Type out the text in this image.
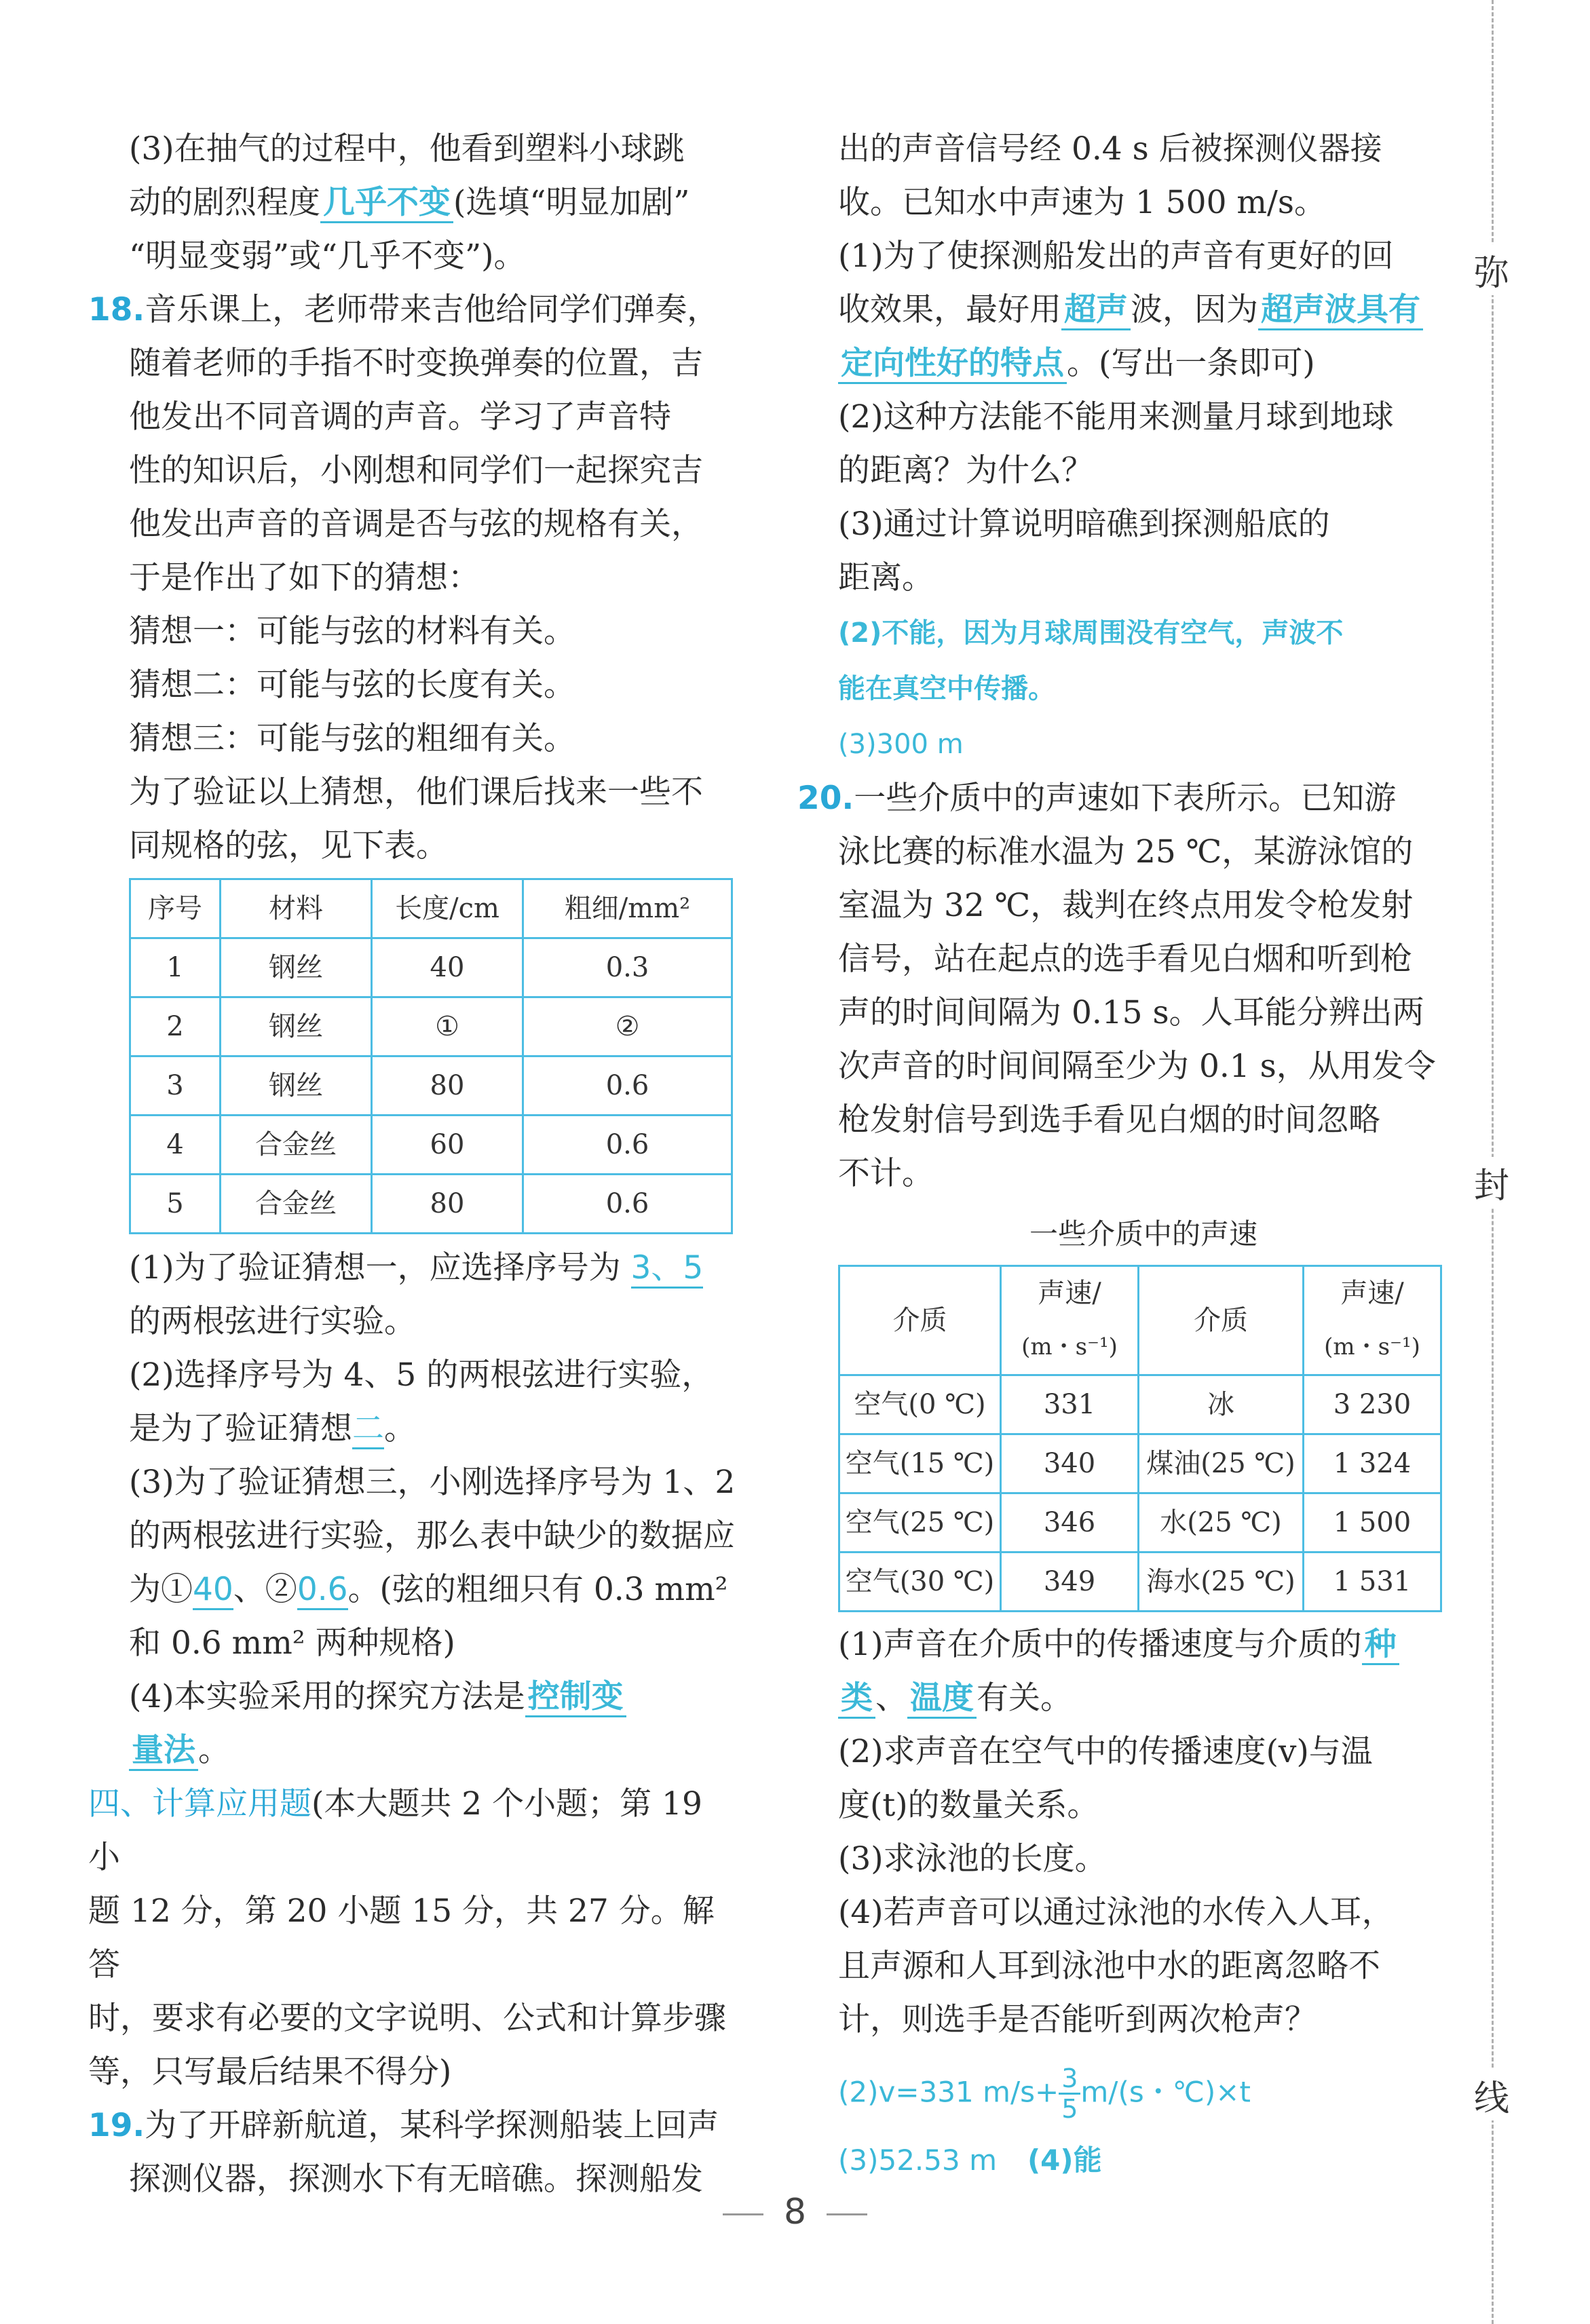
(3)在抽气的过程中，他看到塑料小球跳
动的剧烈程度几乎不变(选填“明显加剧”
“明显变弱”或“几乎不变”)。

18.音乐课上，老师带来吉他给同学们弹奏，

随着老师的手指不时变换弹奏的位置，吉
他发出不同音调的声音。学习了声音特
性的知识后，小刚想和同学们一起探究吉
他发出声音的音调是否与弦的规格有关，
于是作出了如下的猜想：
猜想一：可能与弦的材料有关。
猜想二：可能与弦的长度有关。
猜想三：可能与弦的粗细有关。
为了验证以上猜想，他们课后找来一些不
同规格的弦，见下表。

序号	材料	长度/cm	粗细/mm²
1	钢丝	40	0.3
2	钢丝	①	②
3	钢丝	80	0.6
4	合金丝	60	0.6
5	合金丝	80	0.6

(1)为了验证猜想一，应选择序号为 3、5
的两根弦进行实验。
(2)选择序号为 4、5 的两根弦进行实验，
是为了验证猜想二。
(3)为了验证猜想三，小刚选择序号为 1、2
的两根弦进行实验，那么表中缺少的数据应
为①40、②0.6。(弦的粗细只有 0.3 mm²
和 0.6 mm² 两种规格)
(4)本实验采用的探究方法是控制变
量法。

四、计算应用题(本大题共 2 个小题；第 19 小
题 12 分，第 20 小题 15 分，共 27 分。解答
时，要求有必要的文字说明、公式和计算步骤
等，只写最后结果不得分)
19.为了开辟新航道，某科学探测船装上回声

探测仪器，探测水下有无暗礁。探测船发

出的声音信号经 0.4 s 后被探测仪器接
收。已知水中声速为 1 500 m/s。
(1)为了使探测船发出的声音有更好的回
收效果，最好用超声波，因为超声波具有
定向性好的特点。(写出一条即可)
(2)这种方法能不能用来测量月球到地球
的距离？为什么？
(3)通过计算说明暗礁到探测船底的
距离。
(2)不能，因为月球周围没有空气，声波不
能在真空中传播。
(3)300 m

20.一些介质中的声速如下表所示。已知游

泳比赛的标准水温为 25 ℃，某游泳馆的
室温为 32 ℃，裁判在终点用发令枪发射
信号，站在起点的选手看见白烟和听到枪
声的时间间隔为 0.15 s。人耳能分辨出两
次声音的时间间隔至少为 0.1 s，从用发令
枪发射信号到选手看见白烟的时间忽略
不计。

一些介质中的声速
介质	声速/	介质	声速/
	(m・s⁻¹)		(m・s⁻¹)
空气(0 ℃)	331	冰	3 230
空气(15 ℃)	340	煤油(25 ℃)	1 324
空气(25 ℃)	346	水(25 ℃)	1 500
空气(30 ℃)	349	海水(25 ℃)	1 531

(1)声音在介质中的传播速度与介质的种
类、温度有关。
(2)求声音在空气中的传播速度(v)与温
度(t)的数量关系。
(3)求泳池的长度。
(4)若声音可以通过泳池的水传入人耳，
且声源和人耳到泳池中水的距离忽略不
计，则选手是否能听到两次枪声？

(2)v=331 $m/s+ \frac{3}{5} m/(s$・℃)×t

(3)52.53 m (4)能

弥
封
线
8
